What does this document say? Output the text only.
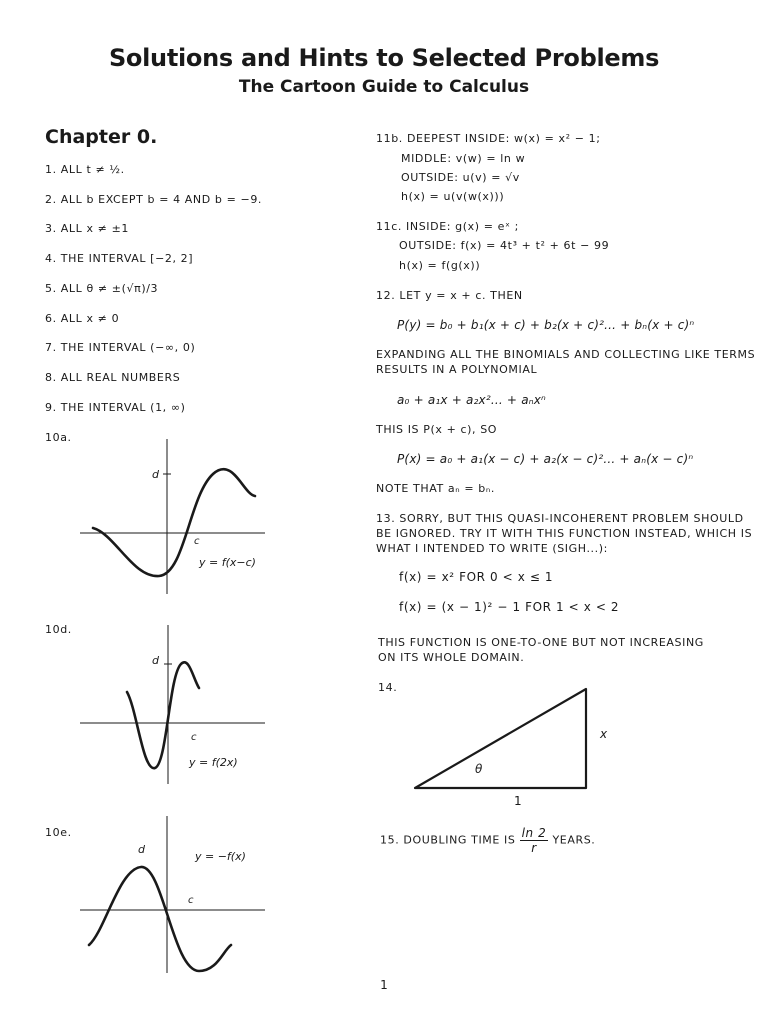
Solutions and Hints to Selected Problems
The Cartoon Guide to Calculus
Chapter 0.
1. ALL t ≠ ½.
2. ALL b EXCEPT b = 4 AND b = −9.
3. ALL x ≠ ±1
4. THE INTERVAL [−2, 2]
5. ALL θ ≠ ±(√π)/3
6. ALL x ≠ 0
7. THE INTERVAL (−∞, 0)
8. ALL REAL NUMBERS
9. THE INTERVAL (1, ∞)
10a.
d
c
y = f(x−c)
10d.
d
c
y = f(2x)
10e.
d
c
y = −f(x)
11b. DEEPEST INSIDE: w(x) = x² − 1;
MIDDLE: v(w) = ln w
OUTSIDE: u(v) = √v
h(x) = u(v(w(x)))
11c. INSIDE: g(x) = eˣ ;
OUTSIDE: f(x) = 4t³ + t² + 6t − 99
h(x) = f(g(x))
12. LET y = x + c. THEN
P(y) = b₀ + b₁(x + c) + b₂(x + c)²... + bₙ(x + c)ⁿ
EXPANDING ALL THE BINOMIALS AND COLLECTING LIKE TERMS
RESULTS IN A POLYNOMIAL
a₀ + a₁x + a₂x²... + aₙxⁿ
THIS IS P(x + c), SO
P(x) = a₀ + a₁(x − c) + a₂(x − c)²... + aₙ(x − c)ⁿ
NOTE THAT aₙ = bₙ.
13. SORRY, BUT THIS QUASI-INCOHERENT PROBLEM SHOULD
BE IGNORED. TRY IT WITH THIS FUNCTION INSTEAD, WHICH IS
WHAT I INTENDED TO WRITE (SIGH...):
f(x) = x² FOR 0 < x ≤ 1
f(x) = (x − 1)² − 1 FOR 1 < x < 2
THIS FUNCTION IS ONE-TO-ONE BUT NOT INCREASING
ON ITS WHOLE DOMAIN.
14.
x
1
θ
15. DOUBLING TIME IS $\frac{\ln 2}{r}$ YEARS.
1
